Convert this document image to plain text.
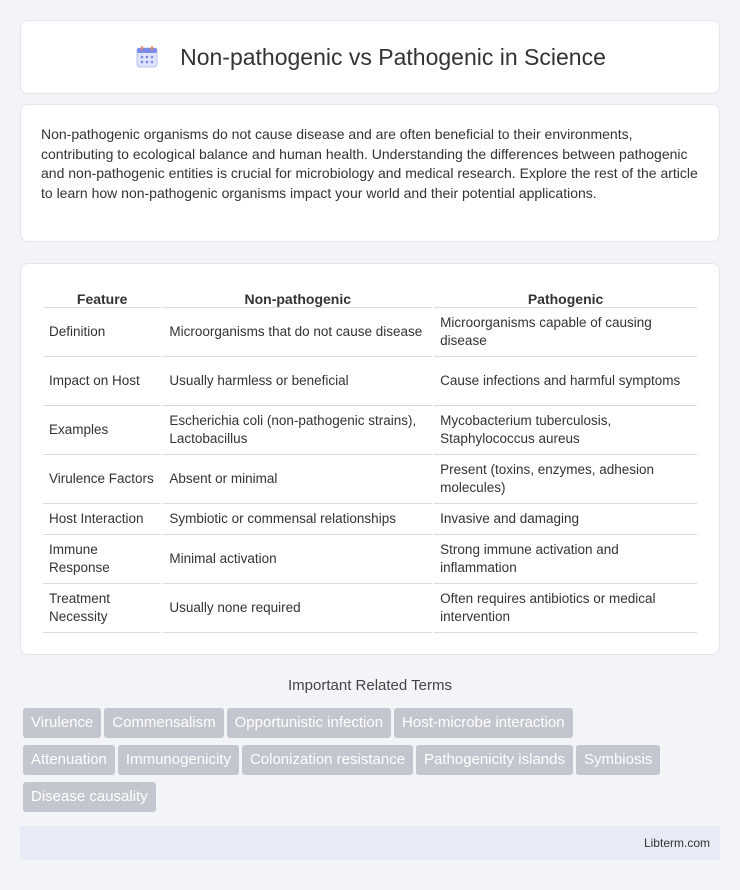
Non-pathogenic vs Pathogenic in Science

Non-pathogenic organisms do not cause disease and are often beneficial to their environments, contributing to ecological balance and human health. Understanding the differences between pathogenic and non-pathogenic entities is crucial for microbiology and medical research. Explore the rest of the article to learn how non-pathogenic organisms impact your world and their potential applications.

Feature	Non-pathogenic	Pathogenic
Definition	Microorganisms that do not cause disease	Microorganisms capable of causing disease
Impact on Host	Usually harmless or beneficial	Cause infections and harmful symptoms
Examples	Escherichia coli (non-pathogenic strains), Lactobacillus	Mycobacterium tuberculosis, Staphylococcus aureus
Virulence Factors	Absent or minimal	Present (toxins, enzymes, adhesion molecules)
Host Interaction	Symbiotic or commensal relationships	Invasive and damaging
Immune Response	Minimal activation	Strong immune activation and inflammation
Treatment Necessity	Usually none required	Often requires antibiotics or medical intervention
Important Related Terms
Virulence Commensalism Opportunistic infection Host-microbe interaction
Attenuation Immunogenicity Colonization resistance Pathogenicity islands Symbiosis
Disease causality
Libterm.com
